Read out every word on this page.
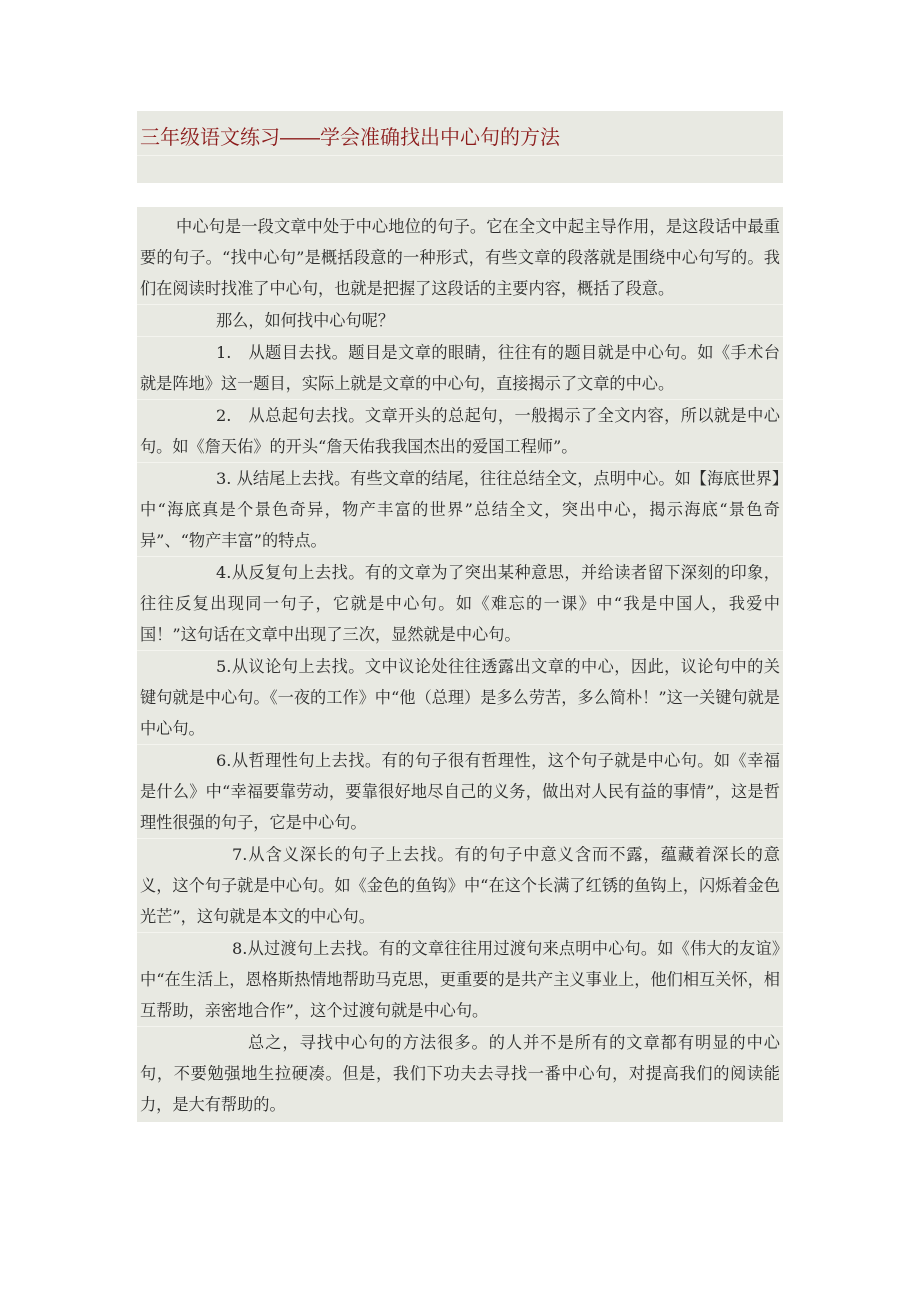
三年级语文练习——学会准确找出中心句的方法

中心句是一段文章中处于中心地位的句子。它在全文中起主导作用，是这段话中最重要的句子。“找中心句”是概括段意的一种形式，有些文章的段落就是围绕中心句写的。我们在阅读时找准了中心句，也就是把握了这段话的主要内容，概括了段意。

那么，如何找中心句呢？

1.　从题目去找。题目是文章的眼睛，往往有的题目就是中心句。如《手术台就是阵地》这一题目，实际上就是文章的中心句，直接揭示了文章的中心。

2.　从总起句去找。文章开头的总起句，一般揭示了全文内容，所以就是中心句。如《詹天佑》的开头“詹天佑我我国杰出的爱国工程师”。

3. 从结尾上去找。有些文章的结尾，往往总结全文，点明中心。如【海底世界】中“海底真是个景色奇异，物产丰富的世界”总结全文，突出中心，揭示海底“景色奇异”、“物产丰富”的特点。

4.从反复句上去找。有的文章为了突出某种意思，并给读者留下深刻的印象，往往反复出现同一句子，它就是中心句。如《难忘的一课》中“我是中国人，我爱中国！”这句话在文章中出现了三次，显然就是中心句。

5.从议论句上去找。文中议论处往往透露出文章的中心，因此，议论句中的关键句就是中心句。《一夜的工作》中“他（总理）是多么劳苦，多么简朴！”这一关键句就是中心句。

6.从哲理性句上去找。有的句子很有哲理性，这个句子就是中心句。如《幸福是什么》中“幸福要靠劳动，要靠很好地尽自己的义务，做出对人民有益的事情”，这是哲理性很强的句子，它是中心句。

7.从含义深长的句子上去找。有的句子中意义含而不露，蕴藏着深长的意义，这个句子就是中心句。如《金色的鱼钩》中“在这个长满了红锈的鱼钩上，闪烁着金色光芒”，这句就是本文的中心句。

8.从过渡句上去找。有的文章往往用过渡句来点明中心句。如《伟大的友谊》中“在生活上，恩格斯热情地帮助马克思，更重要的是共产主义事业上，他们相互关怀，相互帮助，亲密地合作”，这个过渡句就是中心句。

总之，寻找中心句的方法很多。的人并不是所有的文章都有明显的中心句，不要勉强地生拉硬凑。但是，我们下功夫去寻找一番中心句，对提高我们的阅读能力，是大有帮助的。
